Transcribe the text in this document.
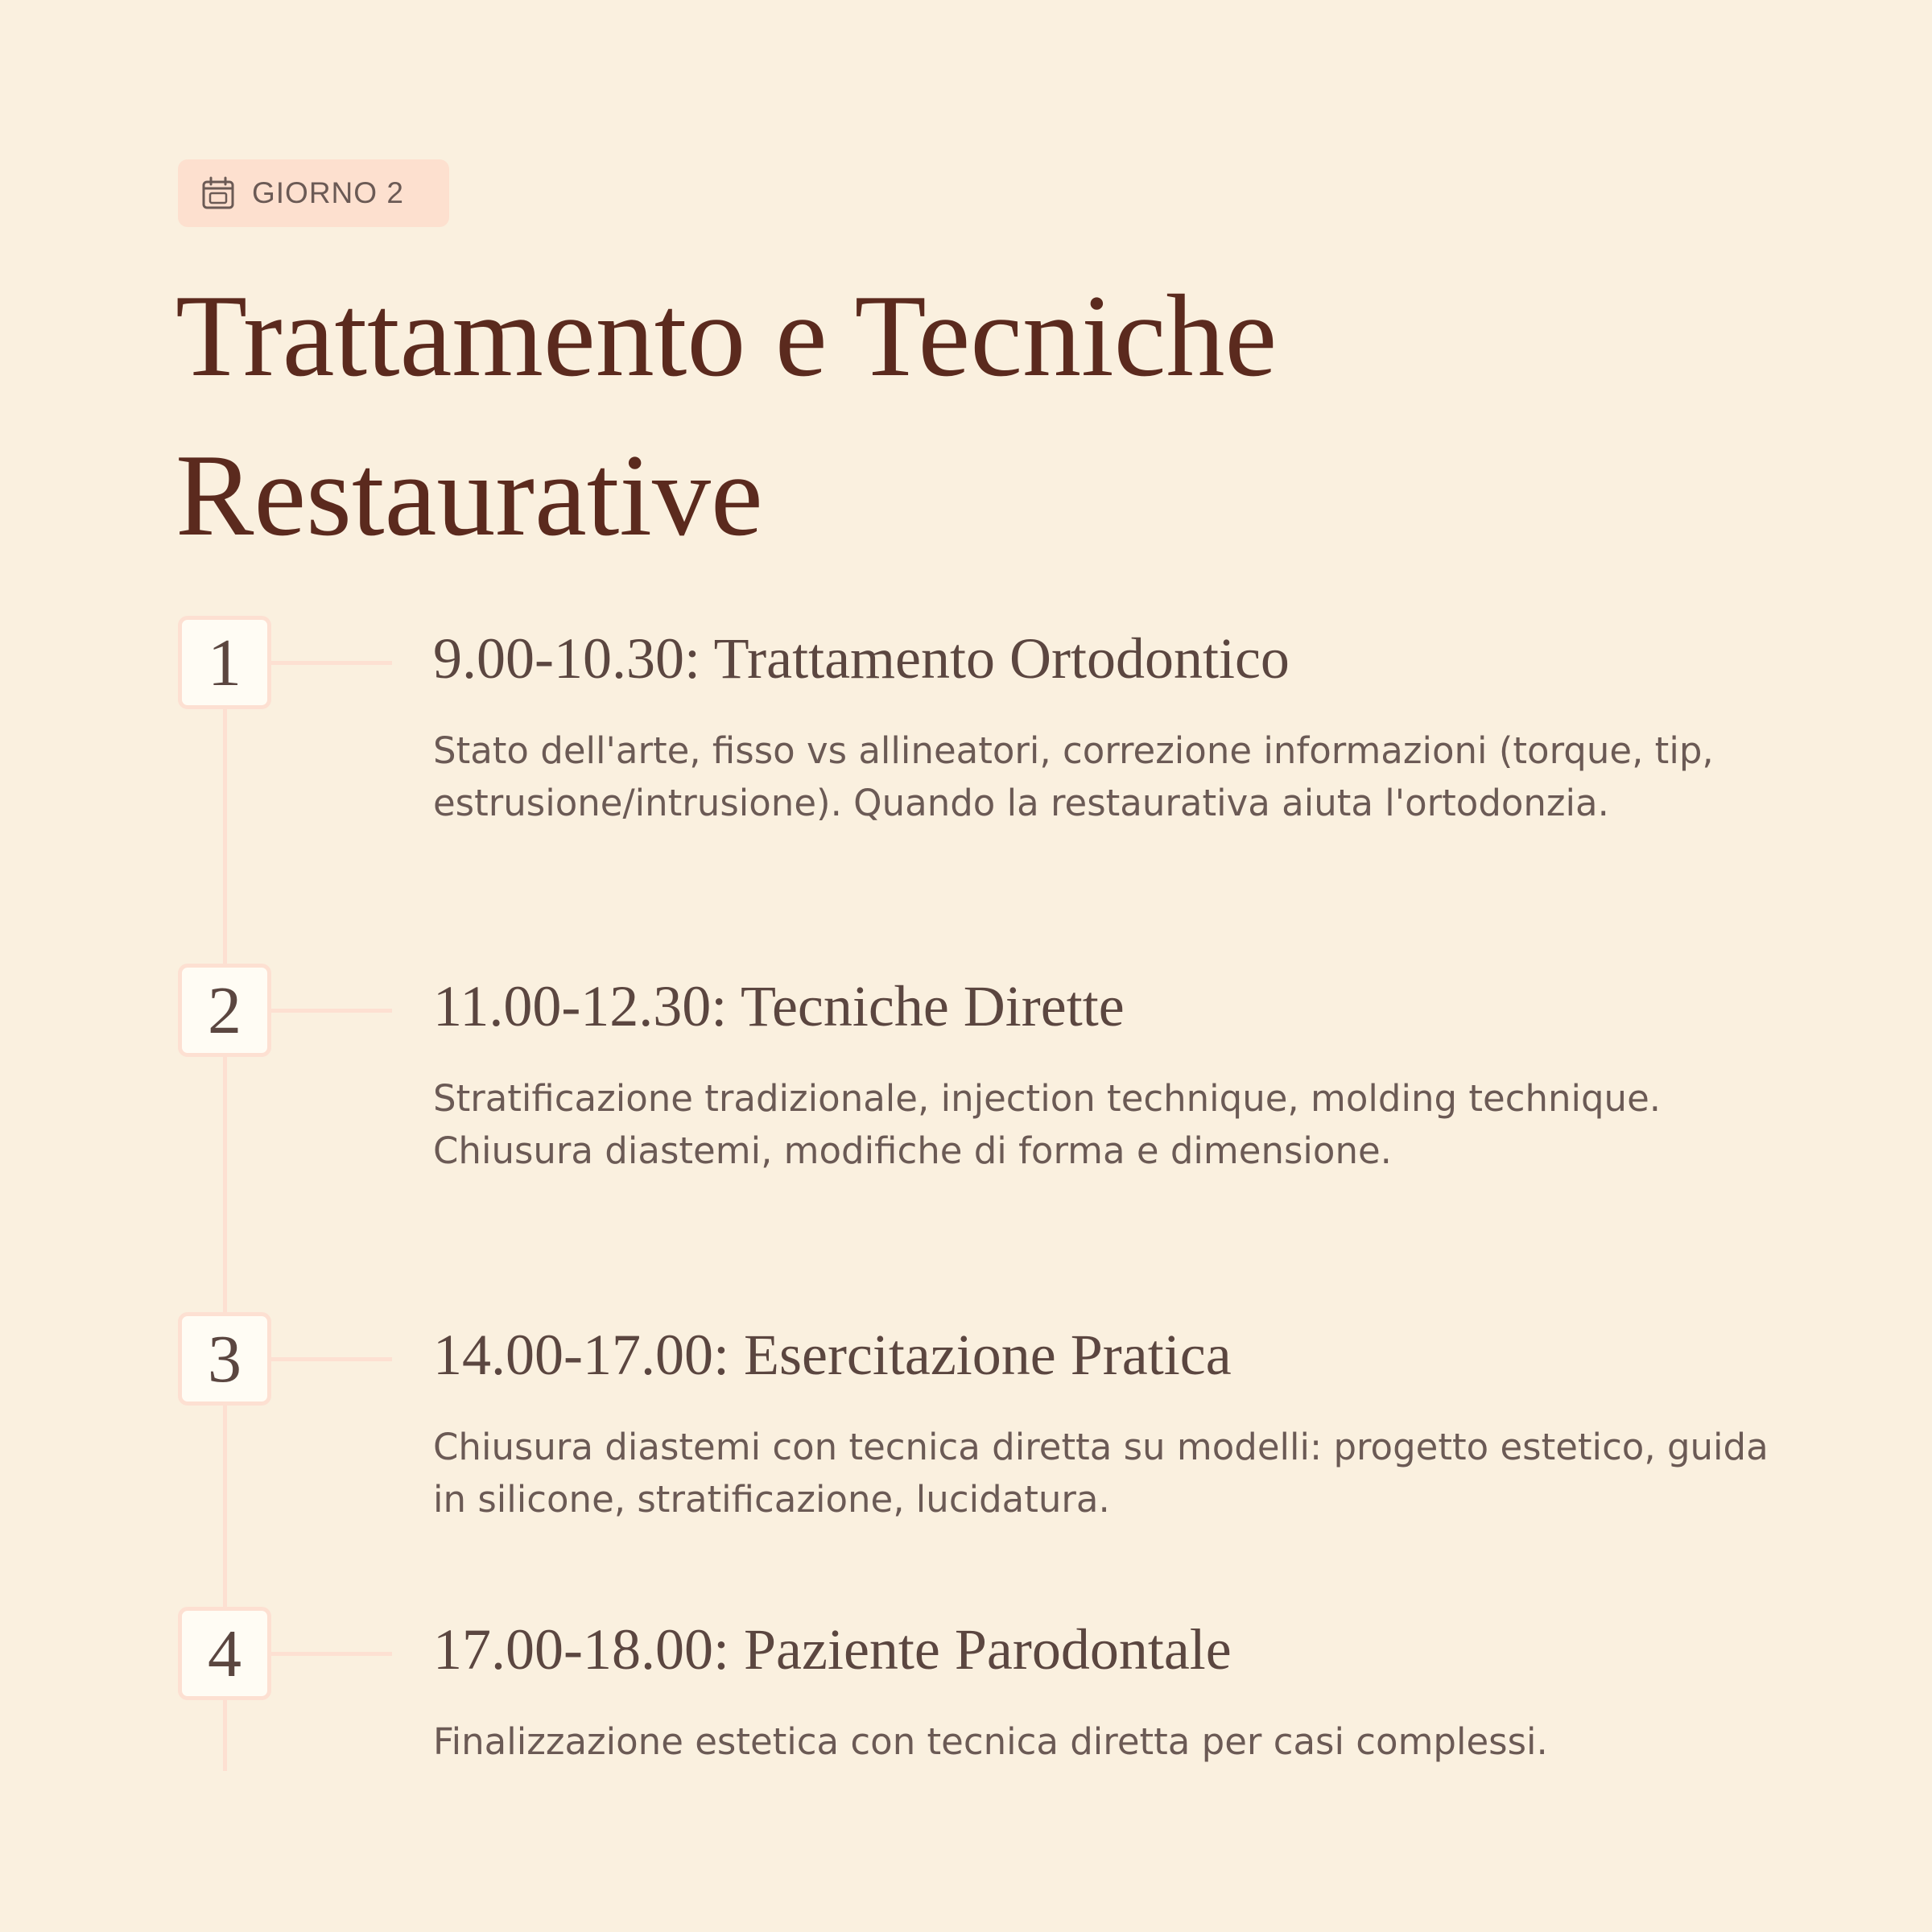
GIORNO 2
Trattamento e Tecniche Restaurative
1	9.00-10.30: Trattamento Ortodontico

Stato dell'arte, fisso vs allineatori, correzione informazioni (torque, tip, estrusione/intrusione). Quando la restaurativa aiuta l'ortodonzia.

2	11.00-12.30: Tecniche Dirette

Stratificazione tradizionale, injection technique, molding technique. Chiusura diastemi, modifiche di forma e dimensione.

3	14.00-17.00: Esercitazione Pratica

Chiusura diastemi con tecnica diretta su modelli: progetto estetico, guida in silicone, stratificazione, lucidatura.

4	17.00-18.00: Paziente Parodontale

Finalizzazione estetica con tecnica diretta per casi complessi.
